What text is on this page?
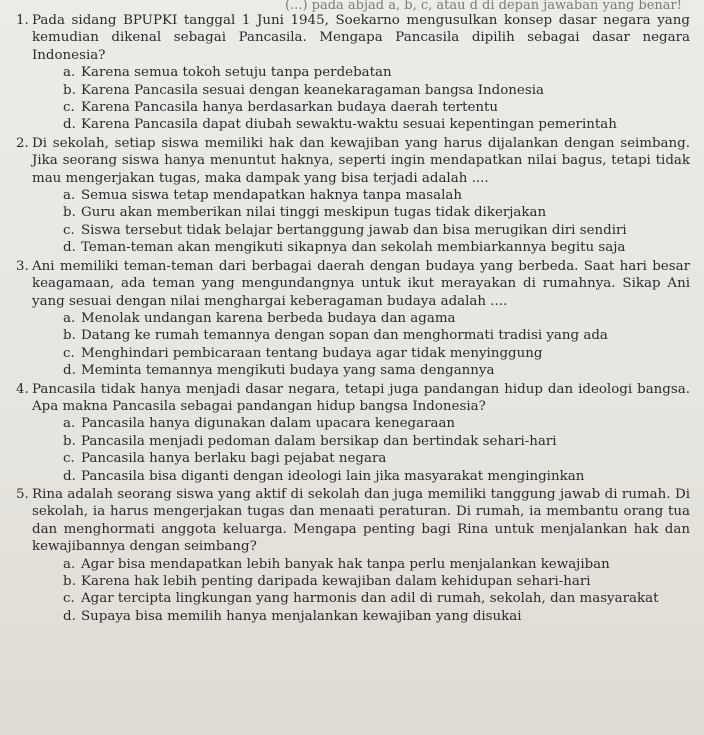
(...) pada abjad a, b, c, atau d di depan jawaban yang benar!
1. Pada sidang BPUPKI tanggal 1 Juni 1945, Soekarno mengusulkan konsep dasar negara yang kemudian dikenal sebagai Pancasila. Mengapa Pancasila dipilih sebagai dasar negara Indonesia?
a. Karena semua tokoh setuju tanpa perdebatan
b. Karena Pancasila sesuai dengan keanekaragaman bangsa Indonesia
c. Karena Pancasila hanya berdasarkan budaya daerah tertentu
d. Karena Pancasila dapat diubah sewaktu-waktu sesuai kepentingan pemerintah
2. Di sekolah, setiap siswa memiliki hak dan kewajiban yang harus dijalankan dengan seimbang. Jika seorang siswa hanya menuntut haknya, seperti ingin mendapatkan nilai bagus, tetapi tidak mau mengerjakan tugas, maka dampak yang bisa terjadi adalah ....
a. Semua siswa tetap mendapatkan haknya tanpa masalah
b. Guru akan memberikan nilai tinggi meskipun tugas tidak dikerjakan
c. Siswa tersebut tidak belajar bertanggung jawab dan bisa merugikan diri sendiri
d. Teman-teman akan mengikuti sikapnya dan sekolah membiarkannya begitu saja
3. Ani memiliki teman-teman dari berbagai daerah dengan budaya yang berbeda. Saat hari besar keagamaan, ada teman yang mengundangnya untuk ikut merayakan di rumahnya. Sikap Ani yang sesuai dengan nilai menghargai keberagaman budaya adalah ....
a. Menolak undangan karena berbeda budaya dan agama
b. Datang ke rumah temannya dengan sopan dan menghormati tradisi yang ada
c. Menghindari pembicaraan tentang budaya agar tidak menyinggung
d. Meminta temannya mengikuti budaya yang sama dengannya
4. Pancasila tidak hanya menjadi dasar negara, tetapi juga pandangan hidup dan ideologi bangsa. Apa makna Pancasila sebagai pandangan hidup bangsa Indonesia?
a. Pancasila hanya digunakan dalam upacara kenegaraan
b. Pancasila menjadi pedoman dalam bersikap dan bertindak sehari-hari
c. Pancasila hanya berlaku bagi pejabat negara
d. Pancasila bisa diganti dengan ideologi lain jika masyarakat menginginkan
5. Rina adalah seorang siswa yang aktif di sekolah dan juga memiliki tanggung jawab di rumah. Di sekolah, ia harus mengerjakan tugas dan menaati peraturan. Di rumah, ia membantu orang tua dan menghormati anggota keluarga. Mengapa penting bagi Rina untuk menjalankan hak dan kewajibannya dengan seimbang?
a. Agar bisa mendapatkan lebih banyak hak tanpa perlu menjalankan kewajiban
b. Karena hak lebih penting daripada kewajiban dalam kehidupan sehari-hari
c. Agar tercipta lingkungan yang harmonis dan adil di rumah, sekolah, dan masyarakat
d. Supaya bisa memilih hanya menjalankan kewajiban yang disukai
